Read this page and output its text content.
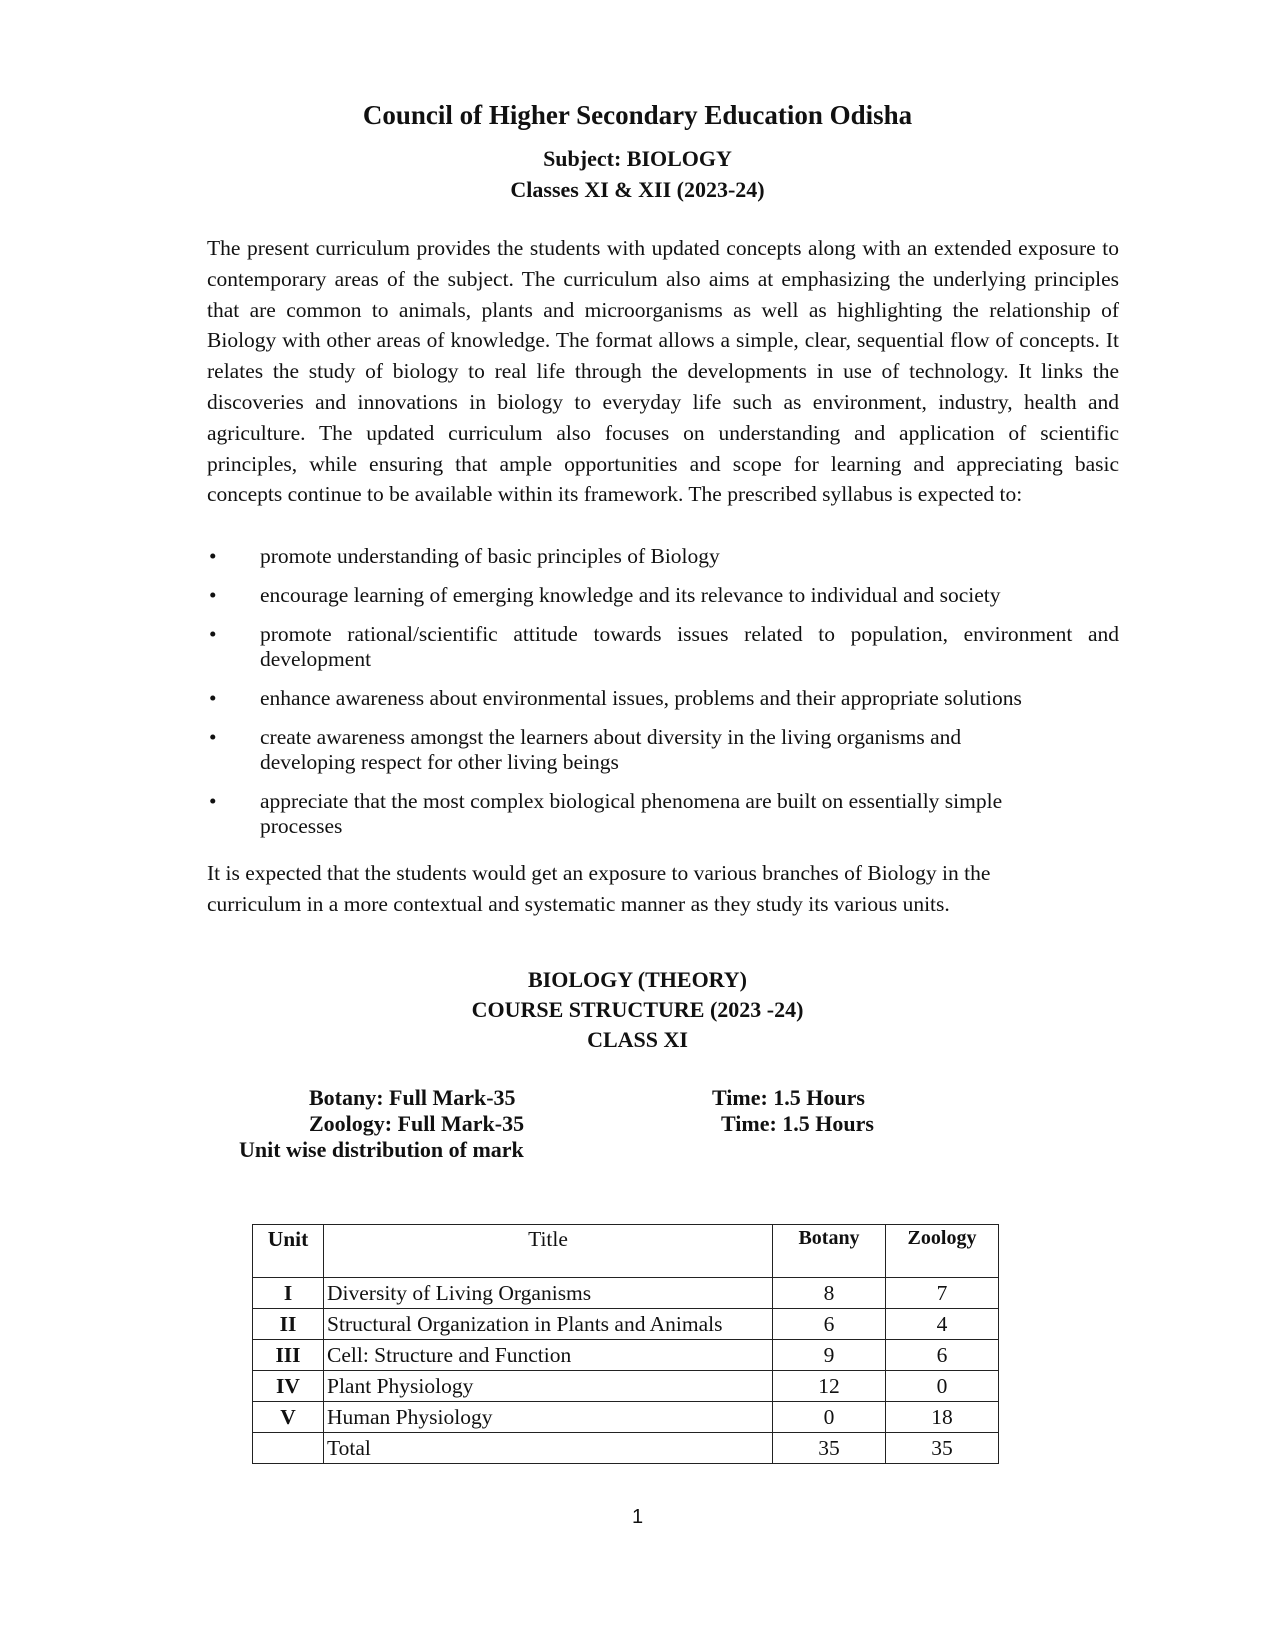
Council of Higher Secondary Education Odisha
Subject: BIOLOGY
Classes XI & XII (2023-24)
The present curriculum provides the students with updated concepts along with an extended exposure to contemporary areas of the subject. The curriculum also aims at emphasizing the underlying principles that are common to animals, plants and microorganisms as well as highlighting the relationship of Biology with other areas of knowledge. The format allows a simple, clear, sequential flow of concepts. It relates the study of biology to real life through the developments in use of technology. It links the discoveries and innovations in biology to everyday life such as environment, industry, health and agriculture. The updated curriculum also focuses on understanding and application of scientific principles, while ensuring that ample opportunities and scope for learning and appreciating basic concepts continue to be available within its framework. The prescribed syllabus is expected to:
• promote understanding of basic principles of Biology
• encourage learning of emerging knowledge and its relevance to individual and society
• promote rational/scientific attitude towards issues related to population, environment and development
• enhance awareness about environmental issues, problems and their appropriate solutions
• create awareness amongst the learners about diversity in the living organisms and developing respect for other living beings
• appreciate that the most complex biological phenomena are built on essentially simple processes
It is expected that the students would get an exposure to various branches of Biology in the curriculum in a more contextual and systematic manner as they study its various units.
BIOLOGY (THEORY)
COURSE STRUCTURE (2023 -24)
CLASS XI
Botany: Full Mark-35	Time: 1.5 Hours
Zoology: Full Mark-35	Time: 1.5 Hours
Unit wise distribution of mark
Unit	Title	Botany	Zoology
I	Diversity of Living Organisms	8	7
II	Structural Organization in Plants and Animals	6	4
III	Cell: Structure and Function	9	6
IV	Plant Physiology	12	0
V	Human Physiology	0	18
	Total	35	35
1
